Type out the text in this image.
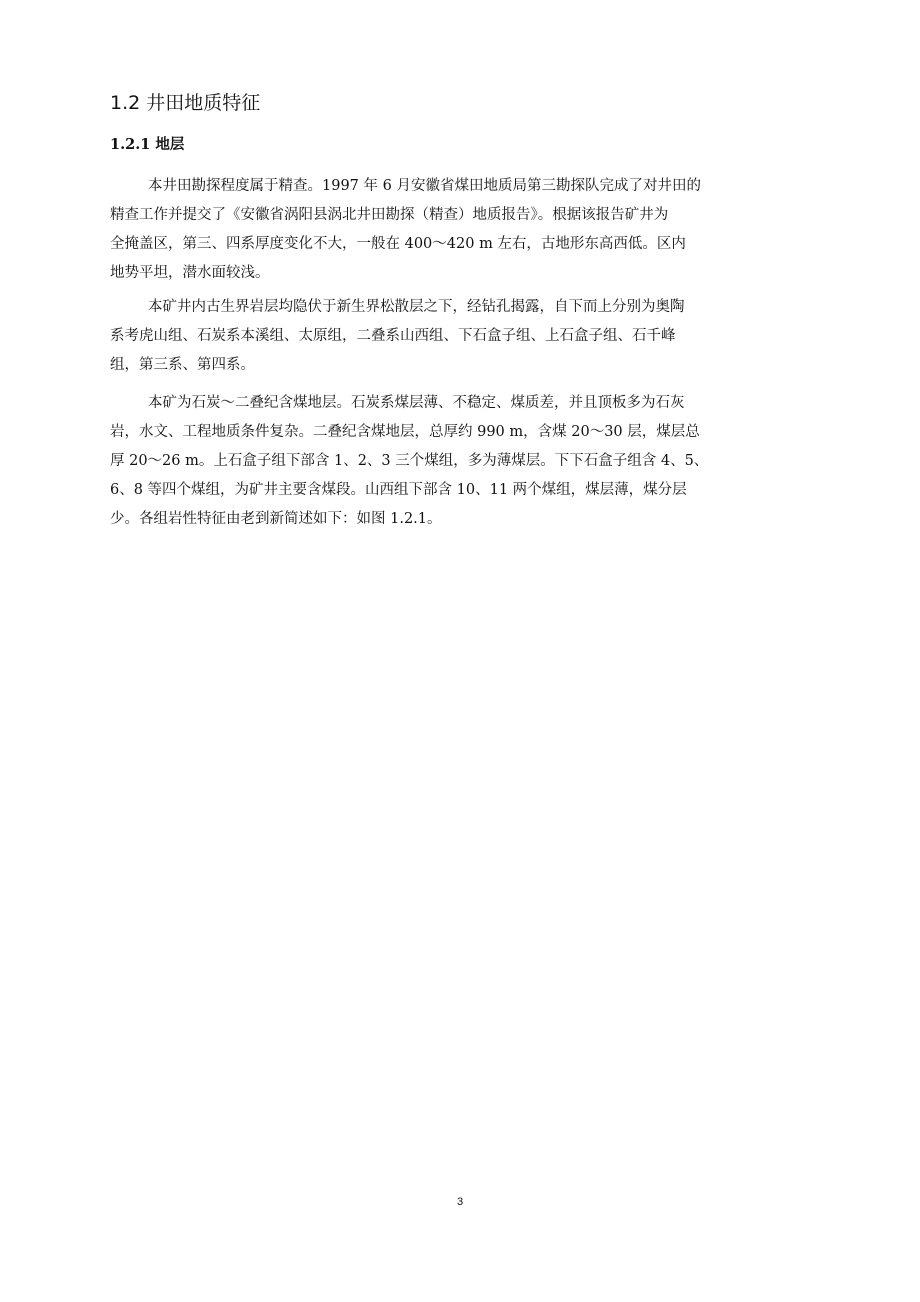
1.2 井田地质特征
1.2.1 地层
本井田勘探程度属于精查。1997 年 6 月安徽省煤田地质局第三勘探队完成了对井田的
精查工作并提交了《安徽省涡阳县涡北井田勘探（精查）地质报告》。根据该报告矿井为
全掩盖区，第三、四系厚度变化不大，一般在 400～420 m 左右，古地形东高西低。区内
地势平坦，潜水面较浅。
本矿井内古生界岩层均隐伏于新生界松散层之下，经钻孔揭露，自下而上分别为奥陶
系考虎山组、石炭系本溪组、太原组，二叠系山西组、下石盒子组、上石盒子组、石千峰
组，第三系、第四系。
本矿为石炭～二叠纪含煤地层。石炭系煤层薄、不稳定、煤质差，并且顶板多为石灰
岩，水文、工程地质条件复杂。二叠纪含煤地层，总厚约 990 m，含煤 20～30 层，煤层总
厚 20～26 m。上石盒子组下部含 1、2、3 三个煤组，多为薄煤层。下下石盒子组含 4、5、
6、8 等四个煤组，为矿井主要含煤段。山西组下部含 10、11 两个煤组，煤层薄，煤分层
少。各组岩性特征由老到新简述如下：如图 1.2.1。
3
